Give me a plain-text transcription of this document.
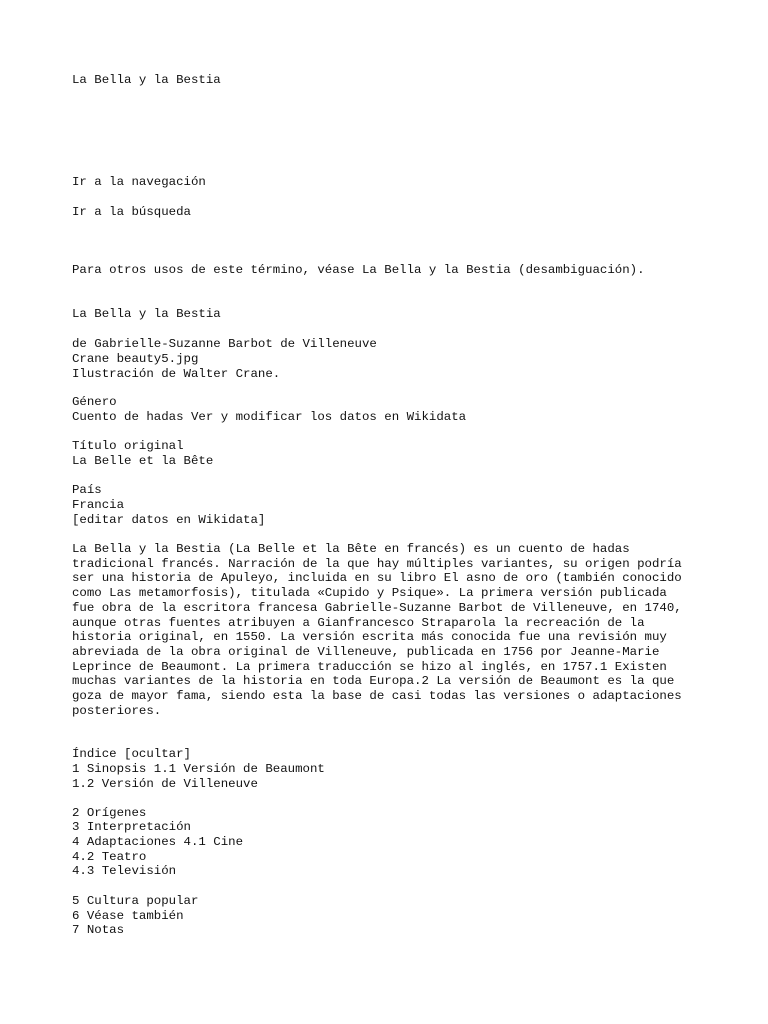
La Bella y la Bestia
Ir a la navegación
Ir a la búsqueda
Para otros usos de este término, véase La Bella y la Bestia (desambiguación).
La Bella y la Bestia
de Gabrielle-Suzanne Barbot de Villeneuve
Crane beauty5.jpg
Ilustración de Walter Crane.
Género
Cuento de hadas Ver y modificar los datos en Wikidata
Título original
La Belle et la Bête
País
Francia
[editar datos en Wikidata]

La Bella y la Bestia (La Belle et la Bête en francés) es un cuento de hadas

tradicional francés. Narración de la que hay múltiples variantes, su origen podría

ser una historia de Apuleyo, incluida en su libro El asno de oro (también conocido

como Las metamorfosis), titulada «Cupido y Psique». La primera versión publicada

fue obra de la escritora francesa Gabrielle-Suzanne Barbot de Villeneuve, en 1740,

aunque otras fuentes atribuyen a Gianfrancesco Straparola la recreación de la

historia original, en 1550. La versión escrita más conocida fue una revisión muy

abreviada de la obra original de Villeneuve, publicada en 1756 por Jeanne-Marie

Leprince de Beaumont. La primera traducción se hizo al inglés, en 1757.1 Existen

muchas variantes de la historia en toda Europa.2 La versión de Beaumont es la que

goza de mayor fama, siendo esta la base de casi todas las versiones o adaptaciones

posteriores.

Índice [ocultar]
1 Sinopsis 1.1 Versión de Beaumont
1.2 Versión de Villeneuve
2 Orígenes
3 Interpretación
4 Adaptaciones 4.1 Cine
4.2 Teatro
4.3 Televisión
5 Cultura popular
6 Véase también
7 Notas
